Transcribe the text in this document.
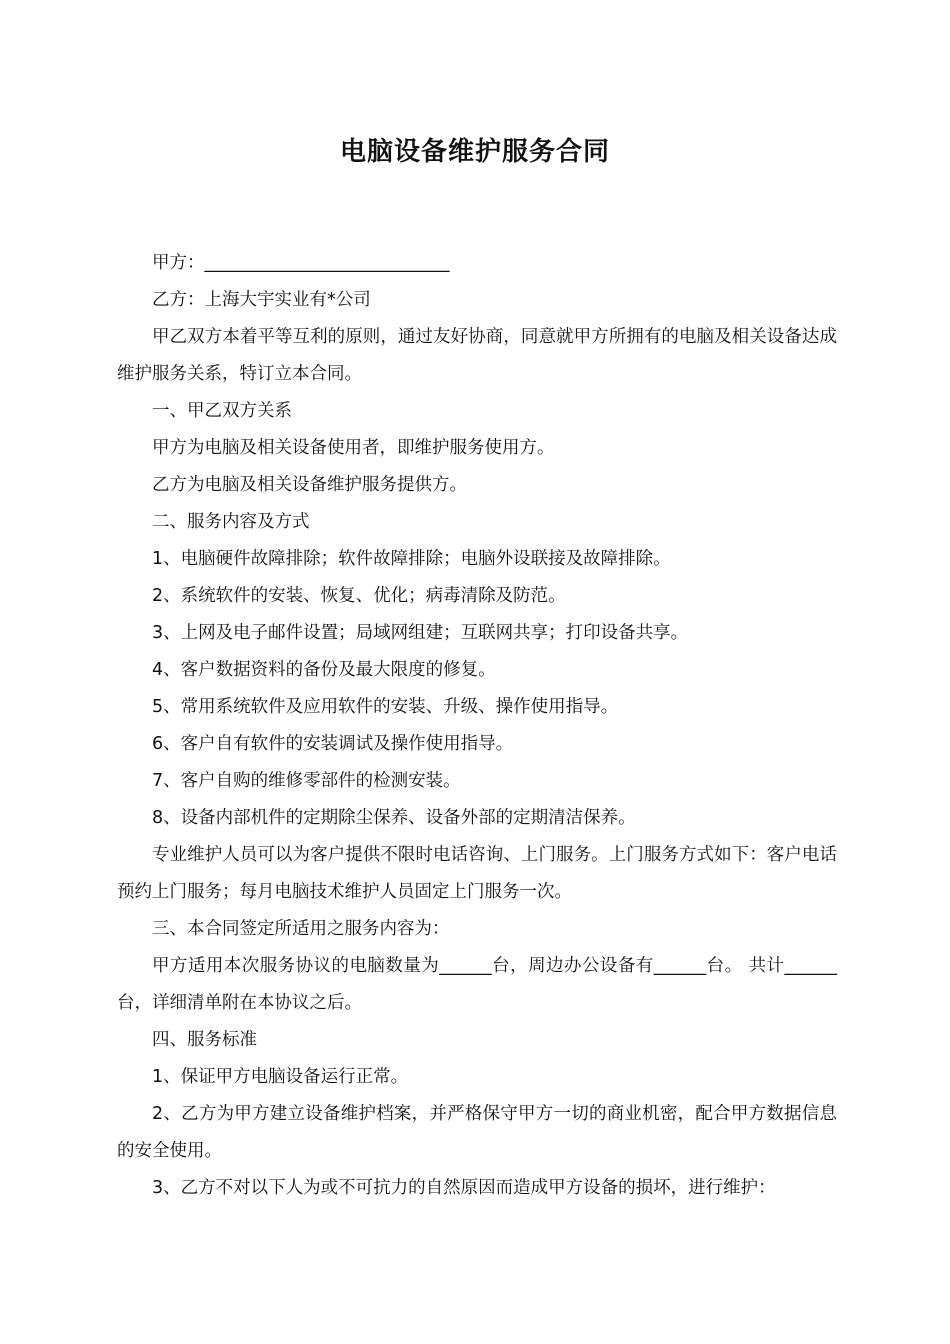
电脑设备维护服务合同

甲方：____________________________

乙方：上海大宇实业有*公司

甲乙双方本着平等互利的原则，通过友好协商，同意就甲方所拥有的电脑及相关设备达成维护服务关系，特订立本合同。

一、甲乙双方关系

甲方为电脑及相关设备使用者，即维护服务使用方。

乙方为电脑及相关设备维护服务提供方。

二、服务内容及方式

1、电脑硬件故障排除；软件故障排除；电脑外设联接及故障排除。

2、系统软件的安装、恢复、优化；病毒清除及防范。

3、上网及电子邮件设置；局域网组建；互联网共享；打印设备共享。

4、客户数据资料的备份及最大限度的修复。

5、常用系统软件及应用软件的安装、升级、操作使用指导。

6、客户自有软件的安装调试及操作使用指导。

7、客户自购的维修零部件的检测安装。

8、设备内部机件的定期除尘保养、设备外部的定期清洁保养。

专业维护人员可以为客户提供不限时电话咨询、上门服务。上门服务方式如下：客户电话预约上门服务；每月电脑技术维护人员固定上门服务一次。

三、本合同签定所适用之服务内容为：

甲方适用本次服务协议的电脑数量为______台，周边办公设备有______台。 共计______台，详细清单附在本协议之后。

四、服务标准

1、保证甲方电脑设备运行正常。

2、乙方为甲方建立设备维护档案，并严格保守甲方一切的商业机密，配合甲方数据信息的安全使用。

3、乙方不对以下人为或不可抗力的自然原因而造成甲方设备的损坏，进行维护：
